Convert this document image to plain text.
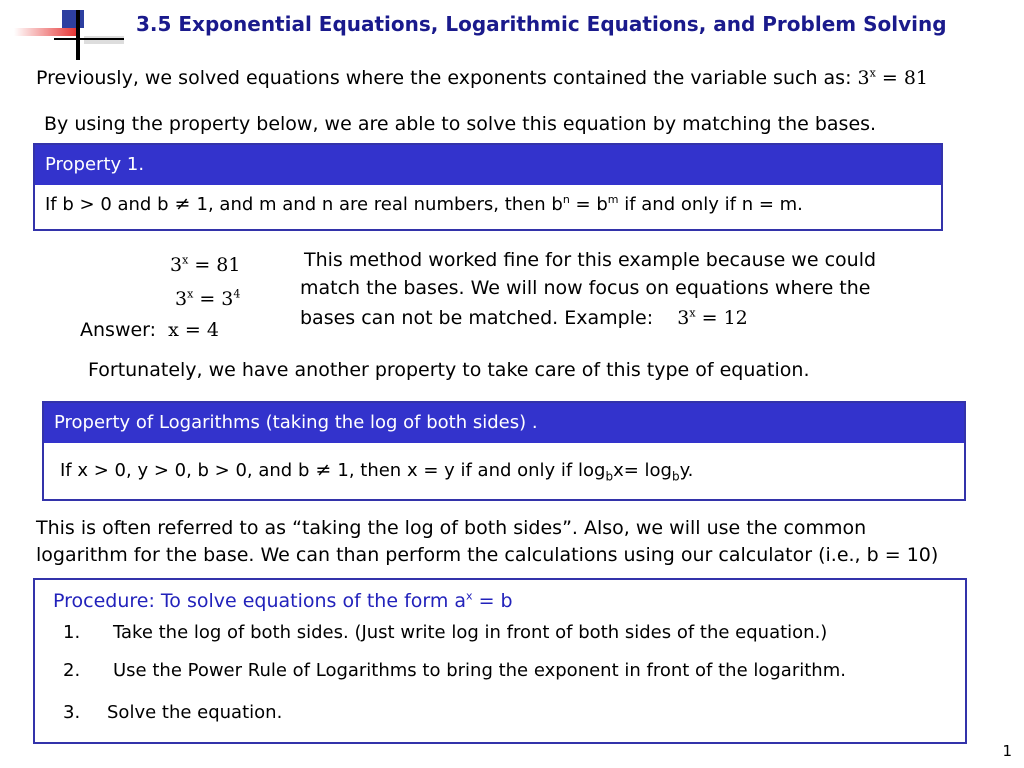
3.5 Exponential Equations, Logarithmic Equations, and Problem Solving
Previously, we solved equations where the exponents contained the variable such as: $3^x = 81$
By using the property below, we are able to solve this equation by matching the bases.
Property 1.
If b > 0 and b ≠ 1, and m and n are real numbers, then $b^n = b^m$ if and only if n = m.
$3^x = 81$
$3^x = 3^4$
Answer: x = 4
This method worked fine for this example because we could
match the bases. We will now focus on equations where the
bases can not be matched. Example: $3^x = 12$
Fortunately, we have another property to take care of this type of equation.
Property of Logarithms (taking the log of both sides) .
If x > 0, y > 0, b > 0, and b ≠ 1, then x = y if and only if $\log_bx= \log_by$.
This is often referred to as “taking the log of both sides”. Also, we will use the common
logarithm for the base. We can than perform the calculations using our calculator (i.e., b = 10)
Procedure: To solve equations of the form $a^x = b$
1. Take the log of both sides. (Just write log in front of both sides of the equation.)
2. Use the Power Rule of Logarithms to bring the exponent in front of the logarithm.
3. Solve the equation.
1
